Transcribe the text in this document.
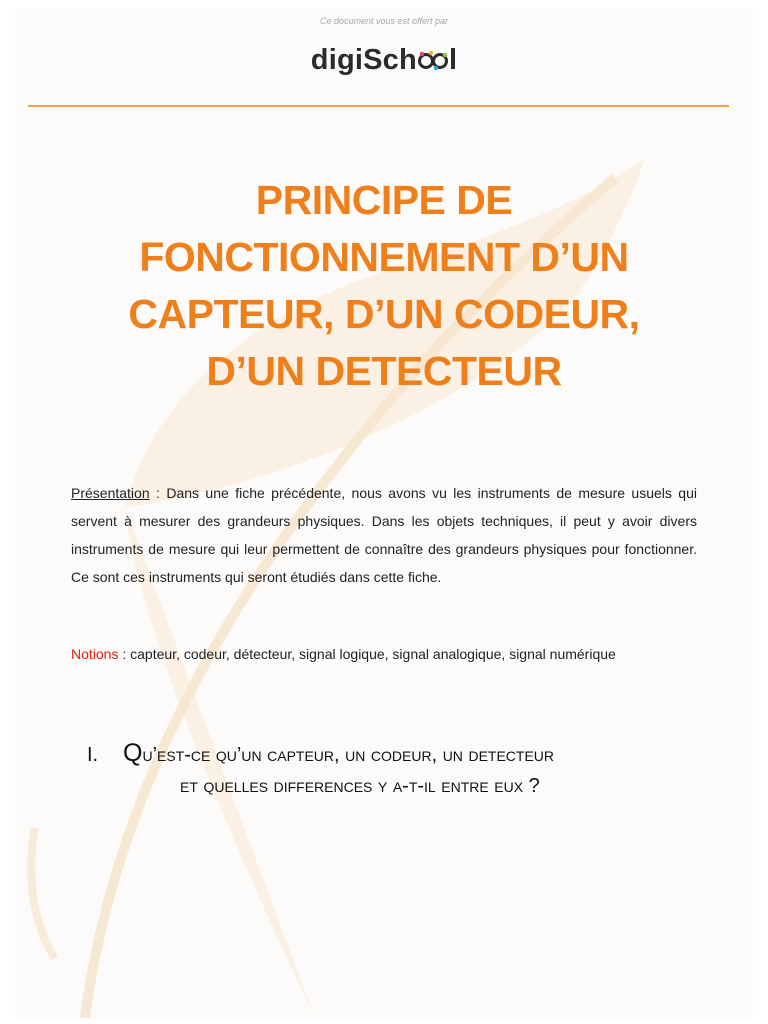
Ce document vous est offert par
digiSch l
PRINCIPE DE
FONCTIONNEMENT D’UN
CAPTEUR, D’UN CODEUR,
D’UN DETECTEUR
Présentation : Dans une fiche précédente, nous avons vu les instruments de mesure usuels qui servent à mesurer des grandeurs physiques. Dans les objets techniques, il peut y avoir divers instruments de mesure qui leur permettent de connaître des grandeurs physiques pour fonctionner. Ce sont ces instruments qui seront étudiés dans cette fiche.
Notions : capteur, codeur, détecteur, signal logique, signal analogique, signal numérique
I. Qu’est-ce qu’un capteur, un codeur, un detecteur
et quelles differences y a-t-il entre eux ?
